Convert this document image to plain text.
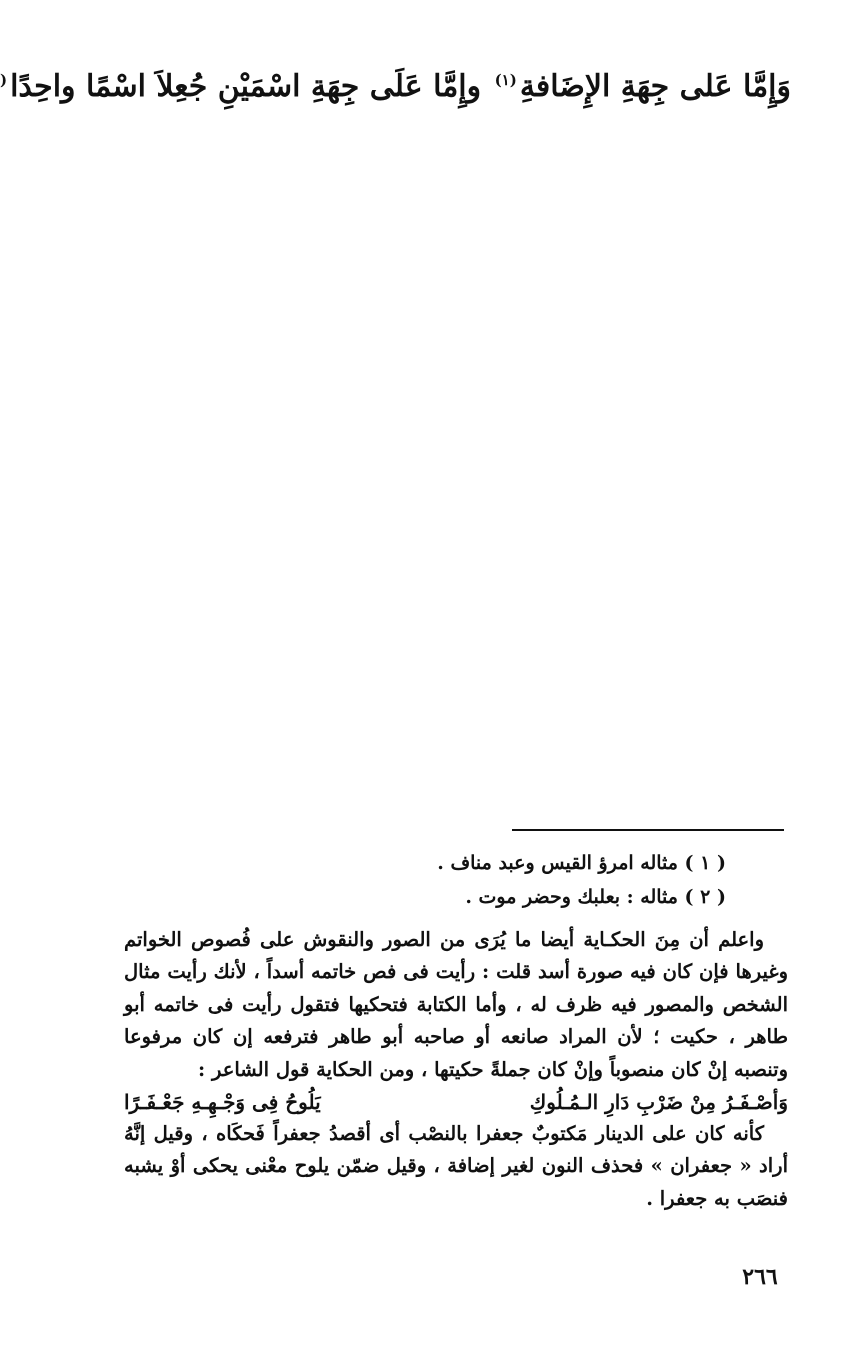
وَإِمَّا عَلى جِهَةِ الإِضَافةِ$^{(١)}$ وإِمَّا عَلَى جِهَةِ اسْمَيْنِ جُعِلاَ اسْمًا واحِدًا(
( ١ ) مثاله امرؤ القيس وعبد مناف .
( ٢ ) مثاله : بعلبك وحضر موت .

واعلم أن مِنَ الحكـاية أيضا ما يُرَى من الصور والنقوش على فُصوص الخواتم وغيرها فإن كان فيه صورة أسد قلت : رأيت فى فص خاتمه أسداً ، لأنك رأيت مثال الشخص والمصور فيه ظرف له ، وأما الكتابة فتحكيها فتقول رأيت فى خاتمه أبو طاهر ، حكيت ؛ لأن المراد صانعه أو صاحبه أبو طاهر فترفعه إن كان مرفوعا وتنصبه إنْ كان منصوباً وإنْ كان جملةً حكيتها ، ومن الحكاية قول الشاعر :

وَأصْـفَـرُ مِنْ ضَرْبِ دَارِ الـمُـلُوكِ
يَلُوحُ فِى وَجْـهِـهِ جَعْـفَـرًا

كأنه كان على الدينار مَكتوبٌ جعفرا بالنصْب أى أقصدُ جعفراً فَحكَاه ، وقيل إنَّهُ أراد « جعفران » فحذف النون لغير إضافة ، وقيل ضمّن يلوح معْنى يحكى أوْ يشبه فنصَب به جعفرا .

٢٦٦
